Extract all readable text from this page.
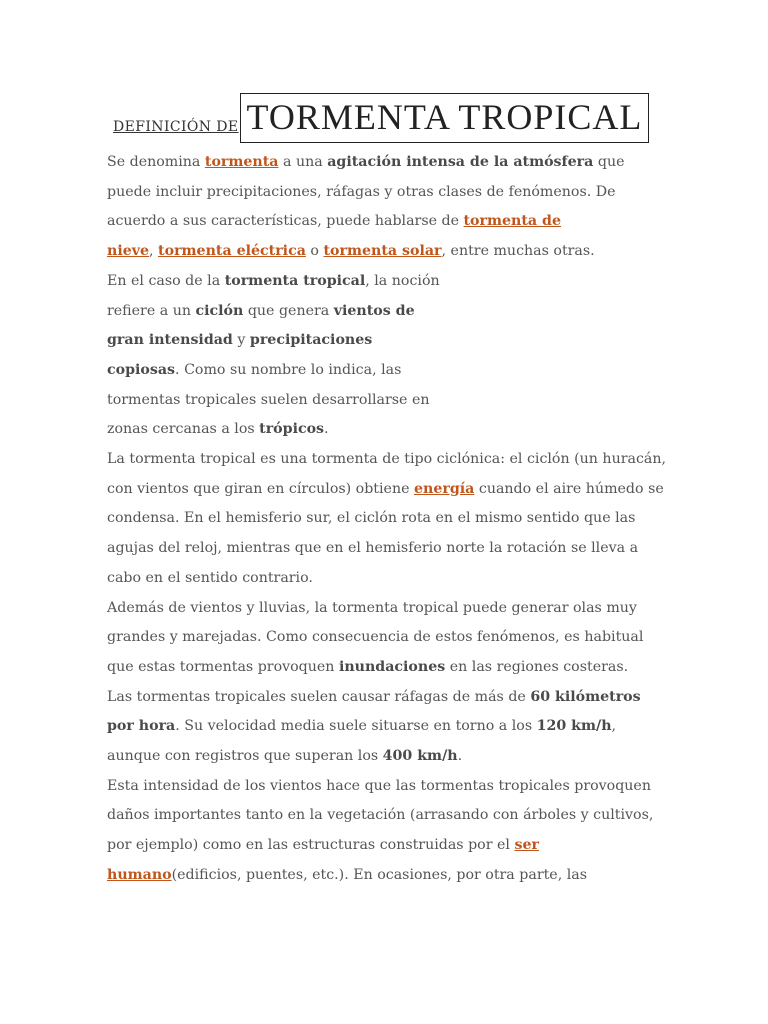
DEFINICIÓN DE TORMENTA TROPICAL
Se denomina tormenta a una agitación intensa de la atmósfera que
puede incluir precipitaciones, ráfagas y otras clases de fenómenos. De
acuerdo a sus características, puede hablarse de tormenta de
nieve, tormenta eléctrica o tormenta solar, entre muchas otras.
En el caso de la tormenta tropical, la noción
refiere a un ciclón que genera vientos de
gran intensidad y precipitaciones
copiosas. Como su nombre lo indica, las
tormentas tropicales suelen desarrollarse en
zonas cercanas a los trópicos.
La tormenta tropical es una tormenta de tipo ciclónica: el ciclón (un huracán,
con vientos que giran en círculos) obtiene energía cuando el aire húmedo se
condensa. En el hemisferio sur, el ciclón rota en el mismo sentido que las
agujas del reloj, mientras que en el hemisferio norte la rotación se lleva a
cabo en el sentido contrario.
Además de vientos y lluvias, la tormenta tropical puede generar olas muy
grandes y marejadas. Como consecuencia de estos fenómenos, es habitual
que estas tormentas provoquen inundaciones en las regiones costeras.
Las tormentas tropicales suelen causar ráfagas de más de 60 kilómetros
por hora. Su velocidad media suele situarse en torno a los 120 km/h,
aunque con registros que superan los 400 km/h.
Esta intensidad de los vientos hace que las tormentas tropicales provoquen
daños importantes tanto en la vegetación (arrasando con árboles y cultivos,
por ejemplo) como en las estructuras construidas por el ser
humano(edificios, puentes, etc.). En ocasiones, por otra parte, las
